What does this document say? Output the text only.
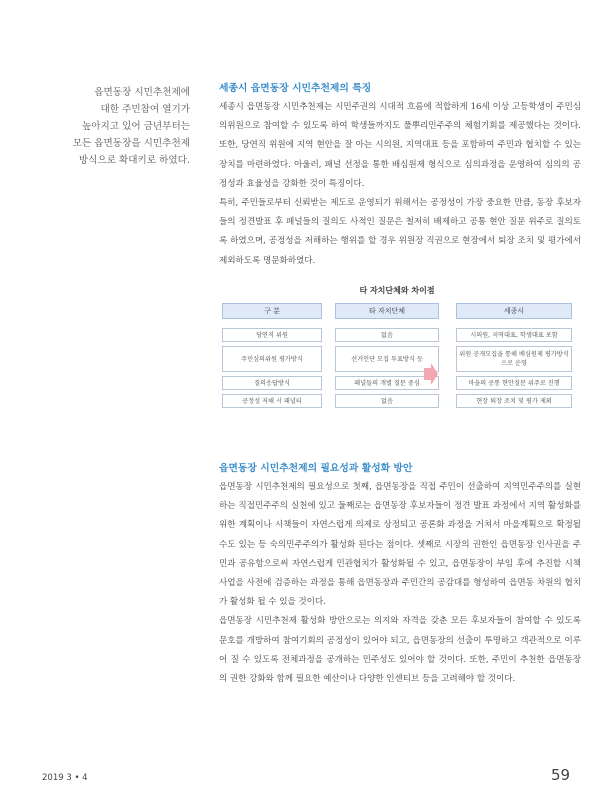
읍면동장 시민추천제에
대한 주민참여 열기가
높아지고 있어 금년부터는
모든 읍면동장을 시민추천제
방식으로 확대키로 하였다.
세종시 읍면동장 시민추천제의 특징

세종시 읍면동장 시민추천제는 시민주권의 시대적 흐름에 적합하게 16세 이상 고등학생이 주민심의위원으로 참여할 수 있도록 하여 학생들까지도 풀뿌리민주주의 체험기회를 제공했다는 것이다. 또한, 당연직 위원에 지역 현안을 잘 아는 시의원, 지역대표 등을 포함하여 주민과 협치할 수 있는 장치를 마련하였다. 아울러, 패널 선정을 통한 배심원제 형식으로 심의과정을 운영하여 심의의 공정성과 효율성을 강화한 것이 특징이다.

특히, 주민들로부터 신뢰받는 제도로 운영되기 위해서는 공정성이 가장 중요한 만큼, 동장 후보자들의 정견발표 후 패널들의 질의도 사적인 질문은 철저히 배제하고 공통 현안 질문 위주로 질의토록 하였으며, 공정성을 저해하는 행위를 할 경우 위원장 직권으로 현장에서 퇴장 조치 및 평가에서 제외하도록 명문화하였다.

타 자치단체와 차이점
구 분
당연직 위원
주민심의위원 평가방식
질의응답방식
공정성 저해 시 패널티
타 자치단체
없음
선거인단 모집 투표방식 등
패널들의 개별 질문 중심
없음
세종시
시의원, 지역대표, 학생대표 포함
위원 공개모집을 통해 배심원제 평가방식으로 운영
마을의 공통 현안질문 위주로 진행
현장 퇴장 조치 및 평가 제외
읍면동장 시민추천제의 필요성과 활성화 방안

읍면동장 시민추천제의 필요성으로 첫째, 읍면동장을 직접 주민이 선출하여 지역민주주의를 실현하는 직접민주주의 실천에 있고 둘째로는 읍면동장 후보자들이 정견 발표 과정에서 지역 활성화를 위한 계획이나 시책들이 자연스럽게 의제로 상정되고 공론화 과정을 거쳐서 마을계획으로 확정될 수도 있는 등 숙의민주주의가 활성화 된다는 점이다. 셋째로 시장의 권한인 읍면동장 인사권을 주민과 공유함으로써 자연스럽게 민관협치가 활성화될 수 있고, 읍면동장이 부임 후에 추진할 시책사업을 사전에 검증하는 과정을 통해 읍면동장과 주민간의 공감대를 형성하여 읍면동 차원의 협치가 활성화 될 수 있을 것이다.

읍면동장 시민추천제 활성화 방안으로는 의지와 자격을 갖춘 모든 후보자들이 참여할 수 있도록 문호를 개방하여 참여기회의 공정성이 있어야 되고, 읍면동장의 선출이 투명하고 객관적으로 이루어 질 수 있도록 전체과정을 공개하는 민주성도 있어야 할 것이다. 또한, 주민이 추천한 읍면동장의 권한 강화와 함께 필요한 예산이나 다양한 인센티브 등을 고려해야 할 것이다.

2019 3 • 4	59
